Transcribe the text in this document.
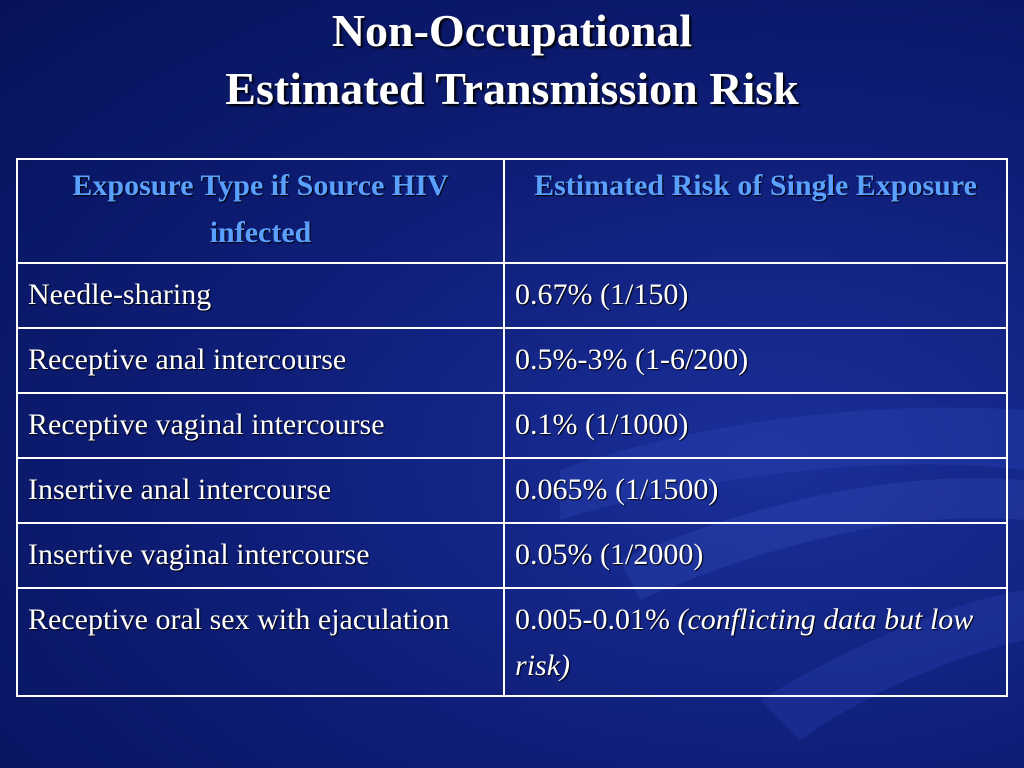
Non-Occupational
Estimated Transmission Risk
Exposure Type if Source HIV infected	Estimated Risk of Single Exposure
Needle-sharing	0.67% (1/150)
Receptive anal intercourse	0.5%-3% (1-6/200)
Receptive vaginal intercourse	0.1% (1/1000)
Insertive anal intercourse	0.065% (1/1500)
Insertive vaginal intercourse	0.05% (1/2000)
Receptive oral sex with ejaculation	0.005-0.01% (conflicting data but low risk)
